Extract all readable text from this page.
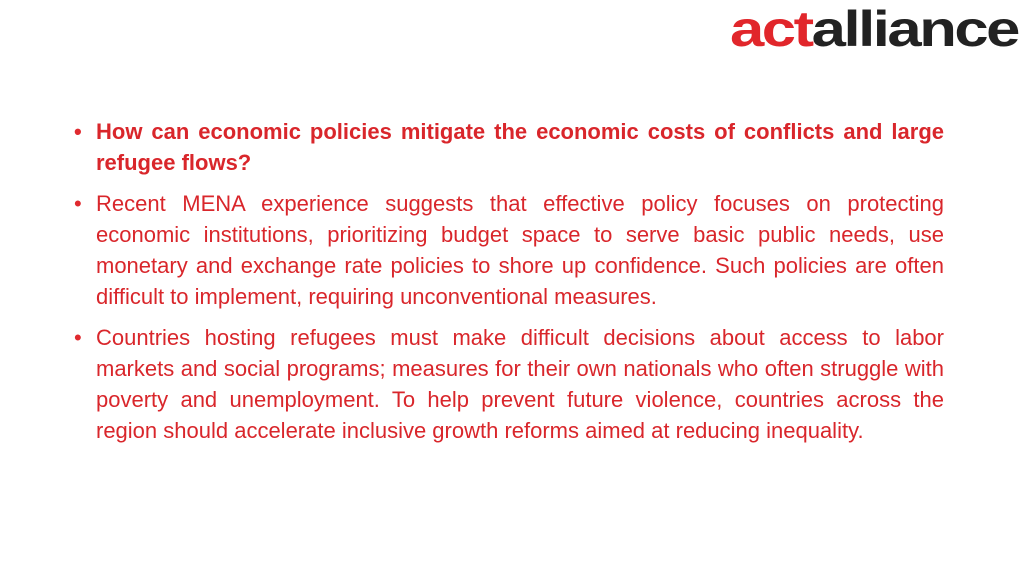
act alliance

• How can economic policies mitigate the economic costs of conflicts and large refugee flows?

• Recent MENA experience suggests that effective policy focuses on protecting economic institutions, prioritizing budget space to serve basic public needs, use monetary and exchange rate policies to shore up confidence. Such policies are often difficult to implement, requiring unconventional measures.

• Countries hosting refugees must make difficult decisions about access to labor markets and social programs; measures for their own nationals who often struggle with poverty and unemployment. To help prevent future violence, countries across the region should accelerate inclusive growth reforms aimed at reducing inequality.
